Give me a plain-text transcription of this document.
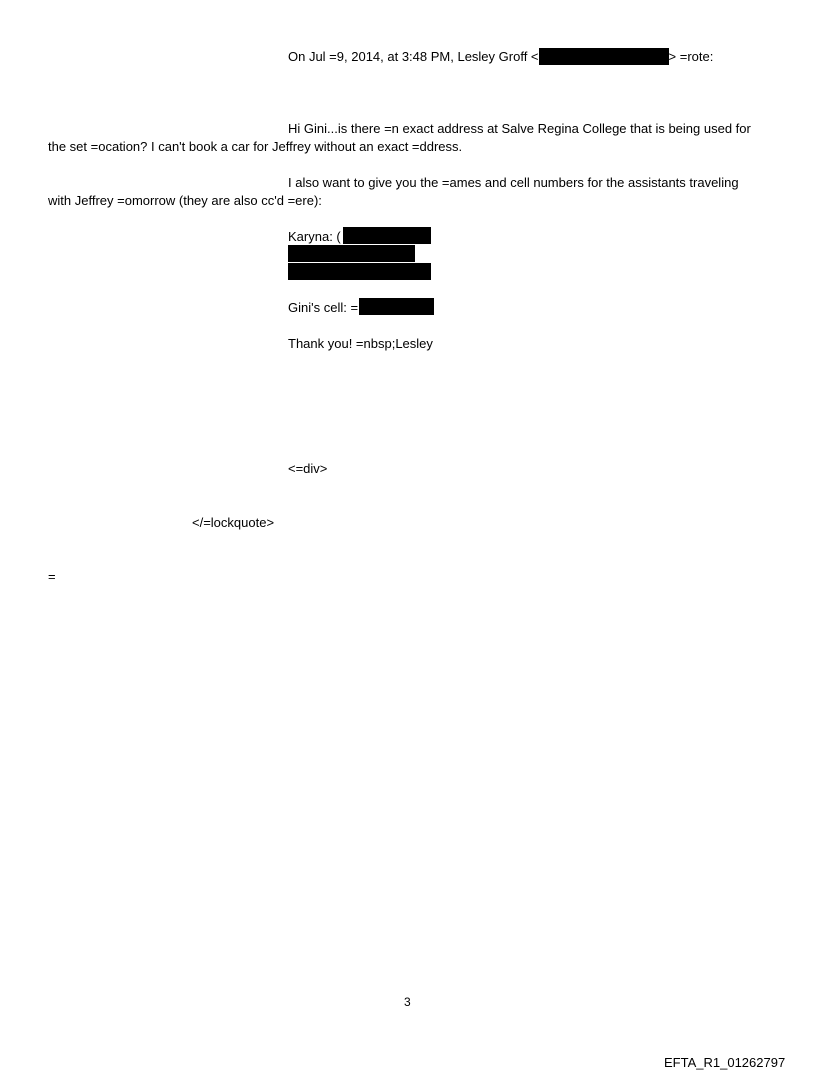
On Jul =9, 2014, at 3:48 PM, Lesley Groff <	> =rote:
Hi Gini...is there =n exact address at Salve Regina College that is being used for
the set =ocation? I can't book a car for Jeffrey without an exact =ddress.
I also want to give you the =ames and cell numbers for the assistants traveling
with Jeffrey =omorrow (they are also cc'd =ere):
Karyna: (
Gini's cell: =
Thank you! =nbsp;Lesley
<=div>
</=lockquote>
=
3
EFTA_R1_01262797
